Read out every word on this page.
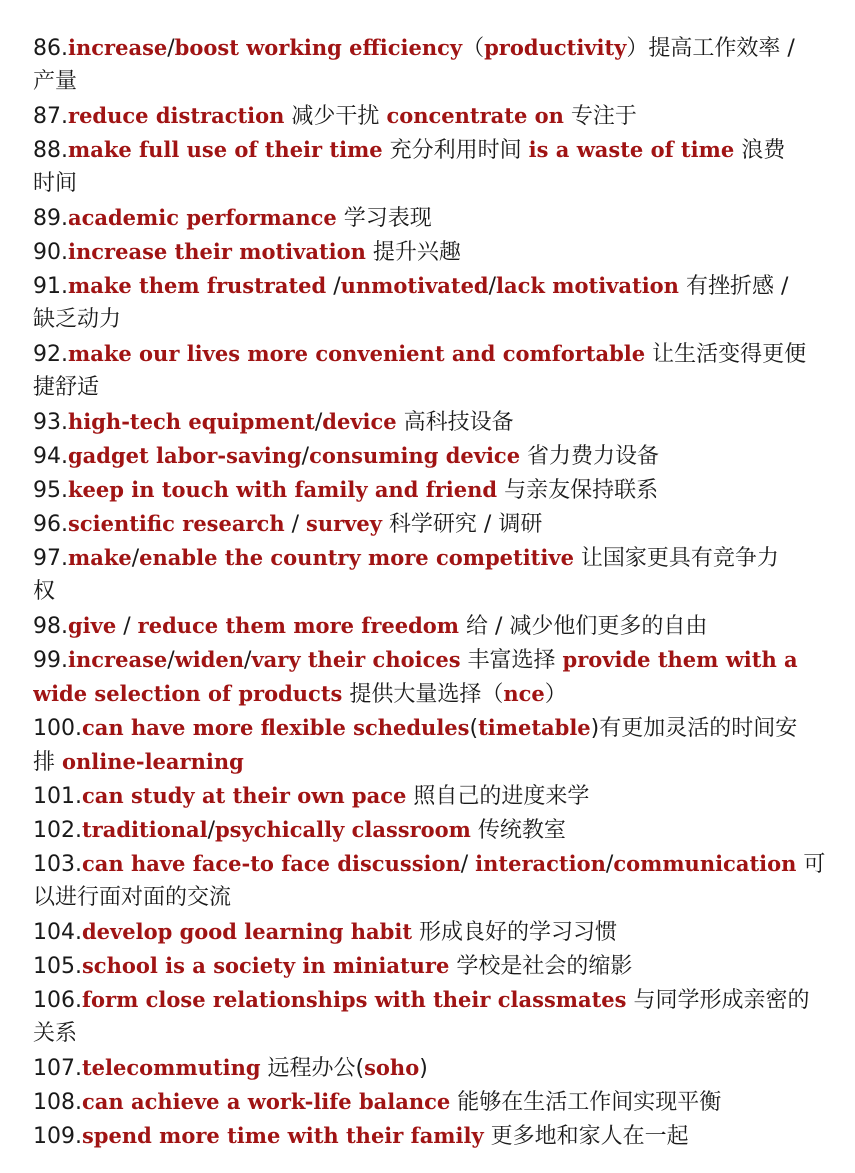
86.increase/boost working efficiency（productivity）提高工作效率 /
产量
87.reduce distraction 减少干扰 concentrate on 专注于
88.make full use of their time 充分利用时间 is a waste of time 浪费
时间
89.academic performance 学习表现
90.increase their motivation 提升兴趣
91.make them frustrated /unmotivated/lack motivation 有挫折感 /
缺乏动力
92.make our lives more convenient and comfortable 让生活变得更便
捷舒适
93.high-tech equipment/device 高科技设备
94.gadget labor-saving/consuming device 省力费力设备
95.keep in touch with family and friend 与亲友保持联系
96.scientific research / survey 科学研究 / 调研
97.make/enable the country more competitive 让国家更具有竞争力
权
98.give / reduce them more freedom 给 / 减少他们更多的自由
99.increase/widen/vary their choices 丰富选择 provide them with a
wide selection of products 提供大量选择（nce）
100.can have more flexible schedules(timetable)有更加灵活的时间安
排 online-learning
101.can study at their own pace 照自己的进度来学
102.traditional/psychically classroom 传统教室
103.can have face-to face discussion/ interaction/communication 可
以进行面对面的交流
104.develop good learning habit 形成良好的学习习惯
105.school is a society in miniature 学校是社会的缩影
106.form close relationships with their classmates 与同学形成亲密的
关系
107.telecommuting 远程办公(soho)
108.can achieve a work-life balance 能够在生活工作间实现平衡
109.spend more time with their family 更多地和家人在一起
